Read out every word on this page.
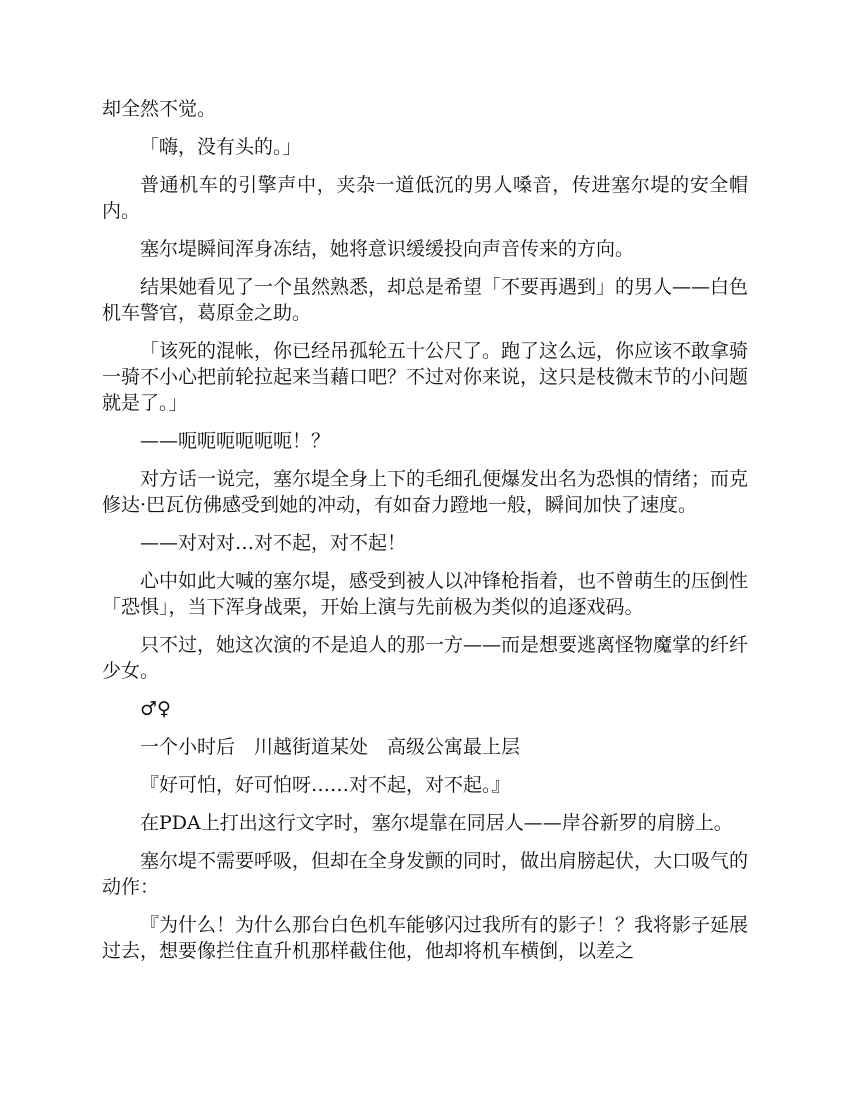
却全然不觉。

「嗨，没有头的。」

普通机车的引擎声中，夹杂一道低沉的男人嗓音，传进塞尔堤的安全帽内。

塞尔堤瞬间浑身冻结，她将意识缓缓投向声音传来的方向。

结果她看见了一个虽然熟悉，却总是希望「不要再遇到」的男人——白色机车警官，葛原金之助。

「该死的混帐，你已经吊孤轮五十公尺了。跑了这么远，你应该不敢拿骑一骑不小心把前轮拉起来当藉口吧？不过对你来说，这只是枝微末节的小问题就是了。」

——呃呃呃呃呃呃！？

对方话一说完，塞尔堤全身上下的毛细孔便爆发出名为恐惧的情绪；而克修达·巴瓦仿佛感受到她的冲动，有如奋力蹬地一般，瞬间加快了速度。

——对对对…对不起，对不起！

心中如此大喊的塞尔堤，感受到被人以冲锋枪指着，也不曾萌生的压倒性「恐惧」，当下浑身战栗，开始上演与先前极为类似的追逐戏码。

只不过，她这次演的不是追人的那一方——而是想要逃离怪物魔掌的纤纤少女。

♂♀

一个小时后　川越街道某处　高级公寓最上层

『好可怕，好可怕呀……对不起，对不起。』

在PDA上打出这行文字时，塞尔堤靠在同居人——岸谷新罗的肩膀上。

塞尔堤不需要呼吸，但却在全身发颤的同时，做出肩膀起伏，大口吸气的动作：

『为什么！为什么那台白色机车能够闪过我所有的影子！？我将影子延展过去，想要像拦住直升机那样截住他，他却将机车横倒，以差之
